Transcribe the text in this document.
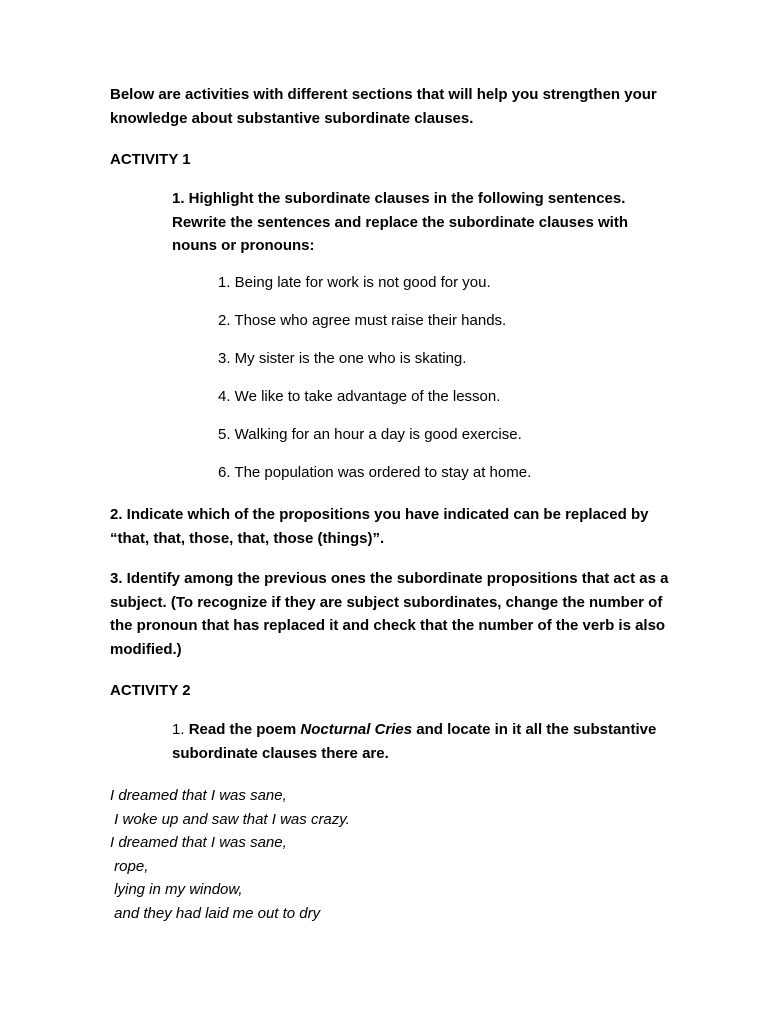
Below are activities with different sections that will help you strengthen your knowledge about substantive subordinate clauses.

ACTIVITY 1

1. Highlight the subordinate clauses in the following sentences. Rewrite the sentences and replace the subordinate clauses with nouns or pronouns:

1. Being late for work is not good for you.

2. Those who agree must raise their hands.

3. My sister is the one who is skating.

4. We like to take advantage of the lesson.

5. Walking for an hour a day is good exercise.

6. The population was ordered to stay at home.

2. Indicate which of the propositions you have indicated can be replaced by “that, that, those, that, those (things)”.

3. Identify among the previous ones the subordinate propositions that act as a subject. (To recognize if they are subject subordinates, change the number of the pronoun that has replaced it and check that the number of the verb is also modified.)

ACTIVITY 2

1. Read the poem Nocturnal Cries and locate in it all the substantive subordinate clauses there are.

I dreamed that I was sane,
I woke up and saw that I was crazy.
I dreamed that I was sane,
rope,
lying in my window,
and they had laid me out to dry
